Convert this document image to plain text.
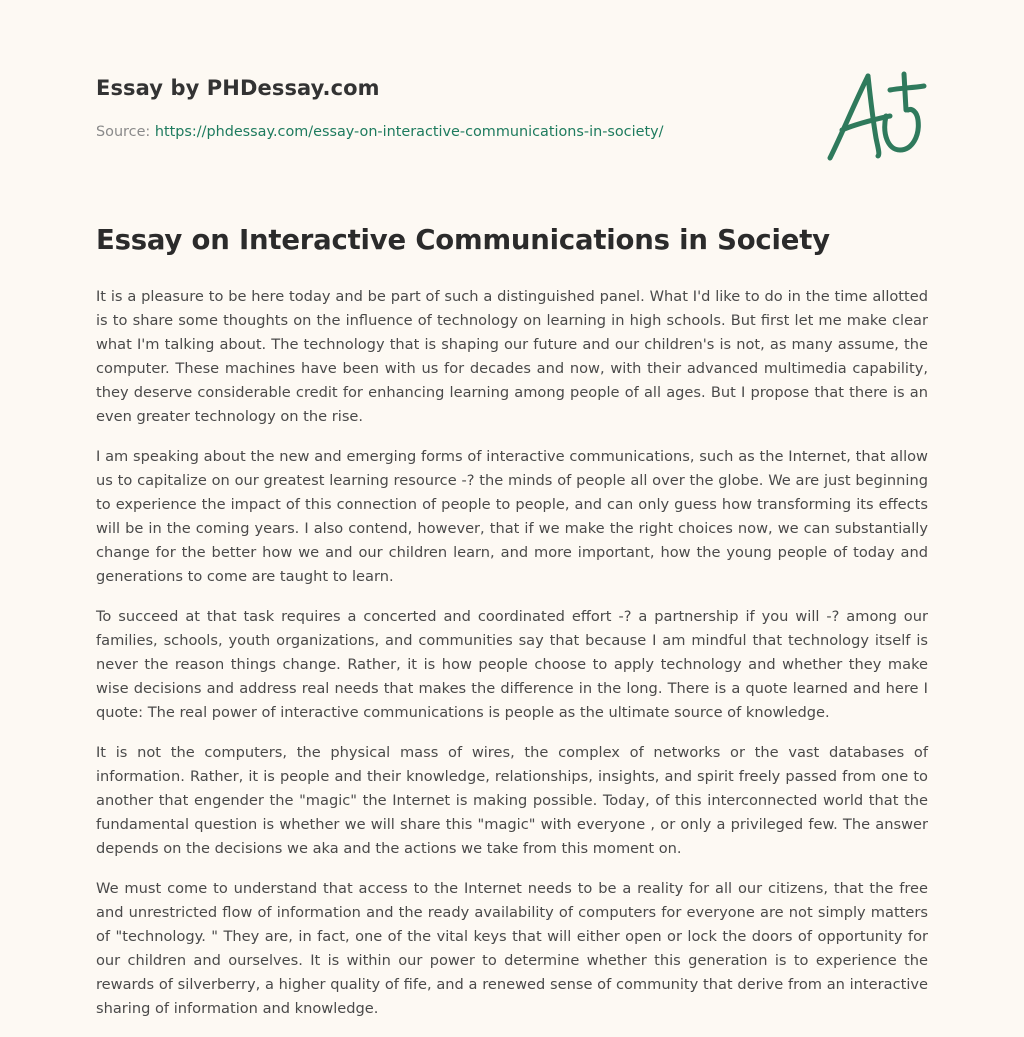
Essay by PHDessay.com
Source: https://phdessay.com/essay-on-interactive-communications-in-society/
Essay on Interactive Communications in Society

It is a pleasure to be here today and be part of such a distinguished panel. What I'd like to do in the time allotted is to share some thoughts on the influence of technology on learning in high schools. But first let me make clear what I'm talking about. The technology that is shaping our future and our children's is not, as many assume, the computer. These machines have been with us for decades and now, with their advanced multimedia capability, they deserve considerable credit for enhancing learning among people of all ages. But I propose that there is an even greater technology on the rise.

I am speaking about the new and emerging forms of interactive communications, such as the Internet, that allow us to capitalize on our greatest learning resource -? the minds of people all over the globe. We are just beginning to experience the impact of this connection of people to people, and can only guess how transforming its effects will be in the coming years. I also contend, however, that if we make the right choices now, we can substantially change for the better how we and our children learn, and more important, how the young people of today and generations to come are taught to learn.

To succeed at that task requires a concerted and coordinated effort -? a partnership if you will -? among our families, schools, youth organizations, and communities say that because I am mindful that technology itself is never the reason things change. Rather, it is how people choose to apply technology and whether they make wise decisions and address real needs that makes the difference in the long. There is a quote learned and here I quote: The real power of interactive communications is people as the ultimate source of knowledge.

It is not the computers, the physical mass of wires, the complex of networks or the vast databases of information. Rather, it is people and their knowledge, relationships, insights, and spirit freely passed from one to another that engender the "magic" the Internet is making possible. Today, of this interconnected world that the fundamental question is whether we will share this "magic" with everyone , or only a privileged few. The answer depends on the decisions we aka and the actions we take from this moment on.

We must come to understand that access to the Internet needs to be a reality for all our citizens, that the free and unrestricted flow of information and the ready availability of computers for everyone are not simply matters of "technology. " They are, in fact, one of the vital keys that will either open or lock the doors of opportunity for our children and ourselves. It is within our power to determine whether this generation is to experience the rewards of silverberry, a higher quality of fife, and a renewed sense of community that derive from an interactive sharing of information and knowledge.
